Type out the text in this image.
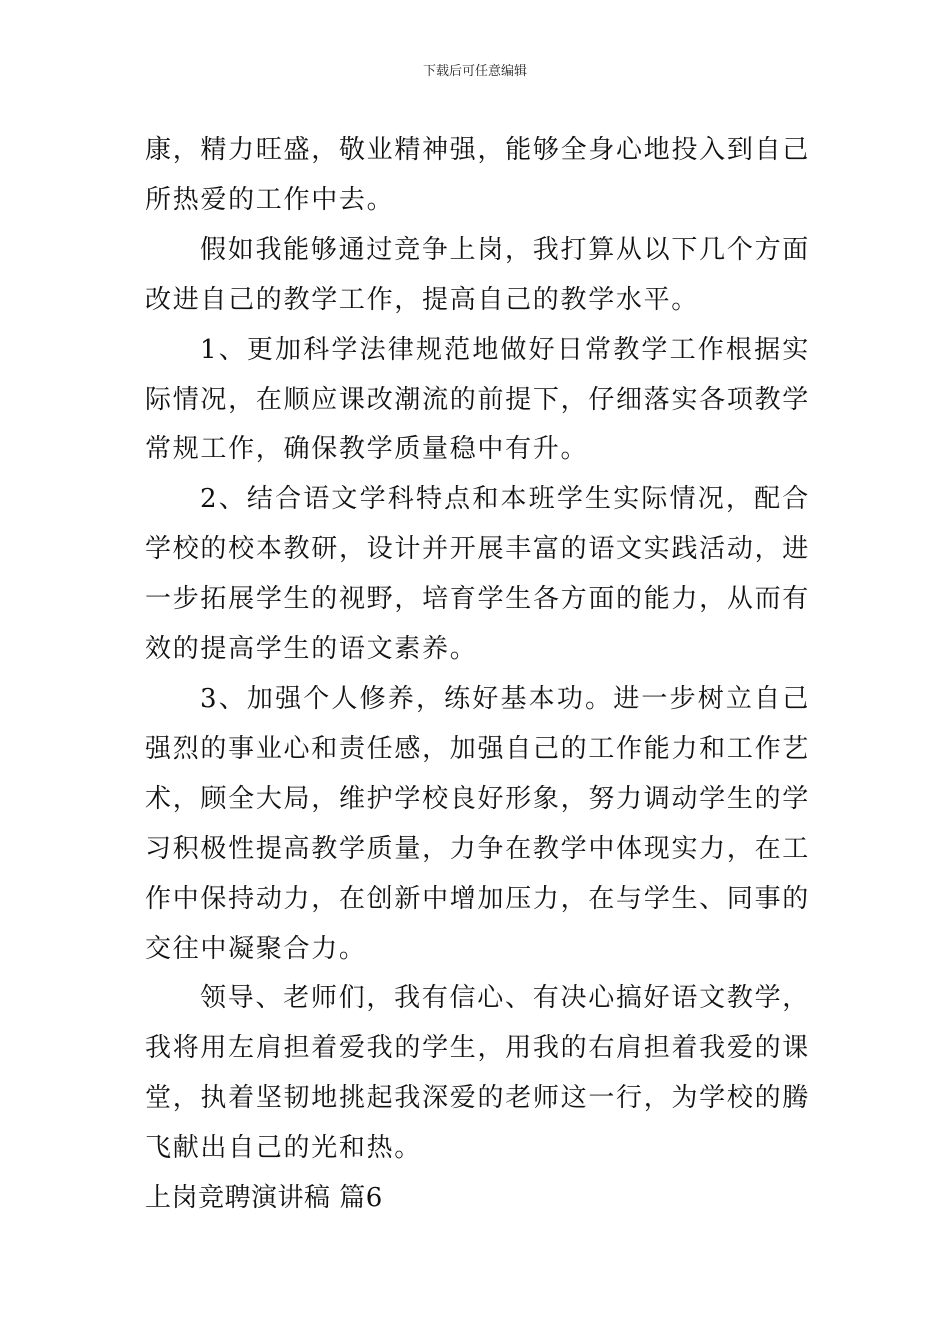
下载后可任意编辑

康，精力旺盛，敬业精神强，能够全身心地投入到自己所热爱的工作中去。

假如我能够通过竞争上岗，我打算从以下几个方面改进自己的教学工作，提高自己的教学水平。

1、更加科学法律规范地做好日常教学工作根据实际情况，在顺应课改潮流的前提下，仔细落实各项教学常规工作，确保教学质量稳中有升。

2、结合语文学科特点和本班学生实际情况，配合学校的校本教研，设计并开展丰富的语文实践活动，进一步拓展学生的视野，培育学生各方面的能力，从而有效的提高学生的语文素养。

3、加强个人修养，练好基本功。进一步树立自己强烈的事业心和责任感，加强自己的工作能力和工作艺术，顾全大局，维护学校良好形象，努力调动学生的学习积极性提高教学质量，力争在教学中体现实力，在工作中保持动力，在创新中增加压力，在与学生、同事的交往中凝聚合力。

领导、老师们，我有信心、有决心搞好语文教学，我将用左肩担着爱我的学生，用我的右肩担着我爱的课堂，执着坚韧地挑起我深爱的老师这一行，为学校的腾飞献出自己的光和热。

上岗竞聘演讲稿 篇6
